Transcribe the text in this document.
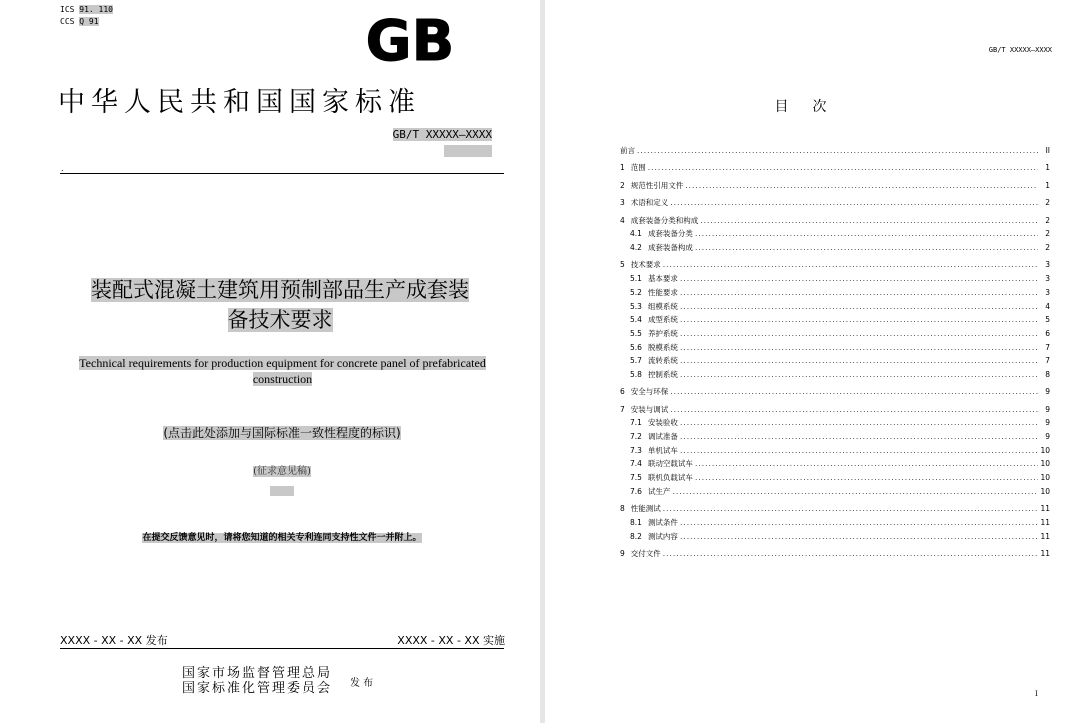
ICS 91. 110
CCS Q 91	GB
中华人民共和国国家标准
GB/T XXXXX—XXXX
.
装配式混凝土建筑用预制部品生产成套装
备技术要求
Technical requirements for production equipment for concrete panel of prefabricated
construction
(点击此处添加与国际标准一致性程度的标识)
(征求意见稿)
在提交反馈意见时，请将您知道的相关专利连同支持性文件一并附上。
XXXX - XX - XX 发布	XXXX - XX - XX 实施
国家市场监督管理总局
国家标准化管理委员会 发布
GB/T XXXXX—XXXX
目次
前言 .....	II
1 范围 .....	1
2 规范性引用文件 .....	1
3 术语和定义 .....	2
4 成套装备分类和构成 .....	2
4.1 成套装备分类 .....	2
4.2 成套装备构成 .....	2
5 技术要求 .....	3
5.1 基本要求 .....	3
5.2 性能要求 .....	3
5.3 组模系统 .....	4
5.4 成型系统 .....	5
5.5 养护系统 .....	6
5.6 脱模系统 .....	7
5.7 流转系统 .....	7
5.8 控制系统 .....	8
6 安全与环保 .....	9
7 安装与调试 .....	9
7.1 安装验收 .....	9
7.2 调试准备 .....	9
7.3 单机试车 .....	10
7.4 联动空载试车 .....	10
7.5 联机负载试车 .....	10
7.6 试生产 .....	10
8 性能测试 .....	11
8.1 测试条件 .....	11
8.2 测试内容 .....	11
9 交付文件 .....	11
I
